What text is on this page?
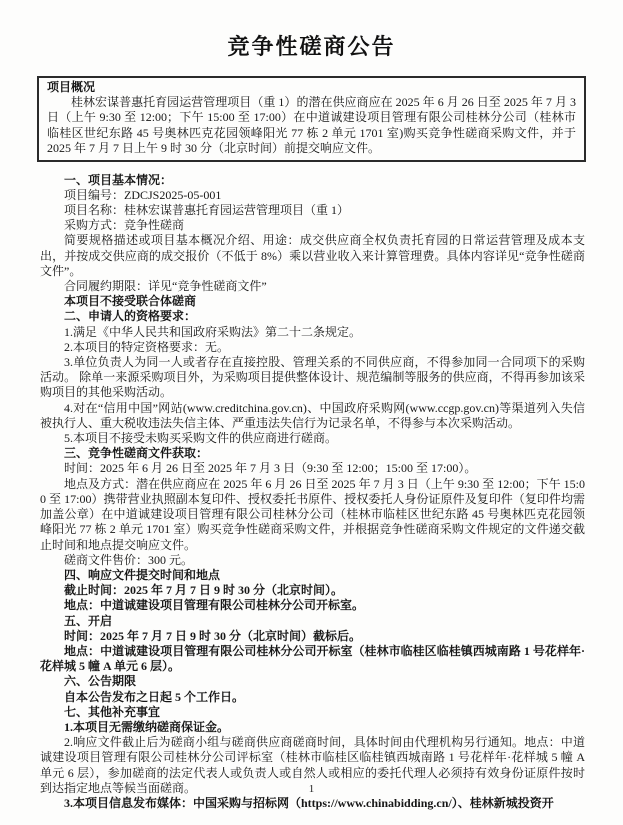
竞争性磋商公告

项目概况

桂林宏谋普惠托育园运营管理项目（重 1）的潜在供应商应在 2025 年 6 月 26 日至 2025 年 7 月 3 日（上午 9:30 至 12:00；下午 15:00 至 17:00）在中道诚建设项目管理有限公司桂林分公司（桂林市临桂区世纪东路 45 号奥林匹克花园领峰阳光 77 栋 2 单元 1701 室)购买竞争性磋商采购文件，并于 2025 年 7 月 7 日上午 9 时 30 分（北京时间）前提交响应文件。

一、项目基本情况：

项目编号：ZDCJS2025-05-001

项目名称：桂林宏谋普惠托育园运营管理项目（重 1）

采购方式：竞争性磋商

简要规格描述或项目基本概况介绍、用途：成交供应商全权负责托育园的日常运营管理及成本支出，并按成交供应商的成交报价（不低于 8%）乘以营业收入来计算管理费。具体内容详见“竞争性磋商文件”。

合同履约期限：详见“竞争性磋商文件”

本项目不接受联合体磋商

二、申请人的资格要求：

1.满足《中华人民共和国政府采购法》第二十二条规定。

2.本项目的特定资格要求：无。

3.单位负责人为同一人或者存在直接控股、管理关系的不同供应商，不得参加同一合同项下的采购活动。 除单一来源采购项目外，为采购项目提供整体设计、规范编制等服务的供应商，不得再参加该采购项目的其他采购活动。

4.对在“信用中国”网站(www.creditchina.gov.cn)、中国政府采购网(www.ccgp.gov.cn)等渠道列入失信被执行人、重大税收违法失信主体、严重违法失信行为记录名单，不得参与本次采购活动。

5.本项目不接受未购买采购文件的供应商进行磋商。

三、竞争性磋商文件获取：

时间：2025 年 6 月 26 日至 2025 年 7 月 3 日（9:30 至 12:00；15:00 至 17:00）。

地点及方式：潜在供应商应在 2025 年 6 月 26 日至 2025 年 7 月 3 日（上午 9:30 至 12:00；下午 15:00 至 17:00）携带营业执照副本复印件、授权委托书原件、授权委托人身份证原件及复印件（复印件均需加盖公章）在中道诚建设项目管理有限公司桂林分公司（桂林市临桂区世纪东路 45 号奥林匹克花园领峰阳光 77 栋 2 单元 1701 室）购买竞争性磋商采购文件，并根据竞争性磋商采购文件规定的文件递交截止时间和地点提交响应文件。

磋商文件售价：300 元。

四、响应文件提交时间和地点

截止时间：2025 年 7 月 7 日 9 时 30 分（北京时间）。

地点：中道诚建设项目管理有限公司桂林分公司开标室。

五、开启

时间：2025 年 7 月 7 日 9 时 30 分（北京时间）截标后。

地点：中道诚建设项目管理有限公司桂林分公司开标室（桂林市临桂区临桂镇西城南路 1 号花样年·花样城 5 幢 A 单元 6 层）。

六、公告期限

自本公告发布之日起 5 个工作日。

七、其他补充事宜

1.本项目无需缴纳磋商保证金。

2.响应文件截止后为磋商小组与磋商供应商磋商时间，具体时间由代理机构另行通知。地点：中道诚建设项目管理有限公司桂林分公司评标室（桂林市临桂区临桂镇西城南路 1 号花样年·花样城 5 幢 A 单元 6 层），参加磋商的法定代表人或负责人或自然人或相应的委托代理人必须持有效身份证原件按时到达指定地点等候当面磋商。

3.本项目信息发布媒体：中国采购与招标网（https://www.chinabidding.cn/）、桂林新城投资开

1
